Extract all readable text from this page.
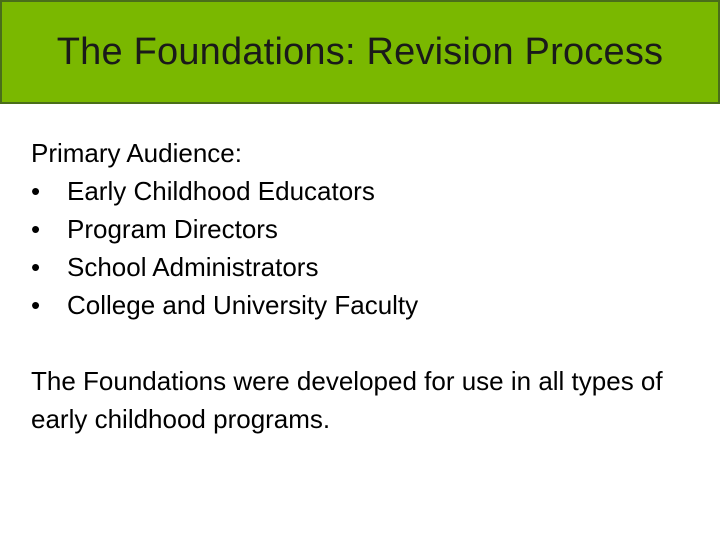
The Foundations: Revision Process
Primary Audience:
•	Early Childhood Educators
•	Program Directors
•	School Administrators
•	College and University Faculty
The Foundations were developed for use in all types of early childhood programs.
